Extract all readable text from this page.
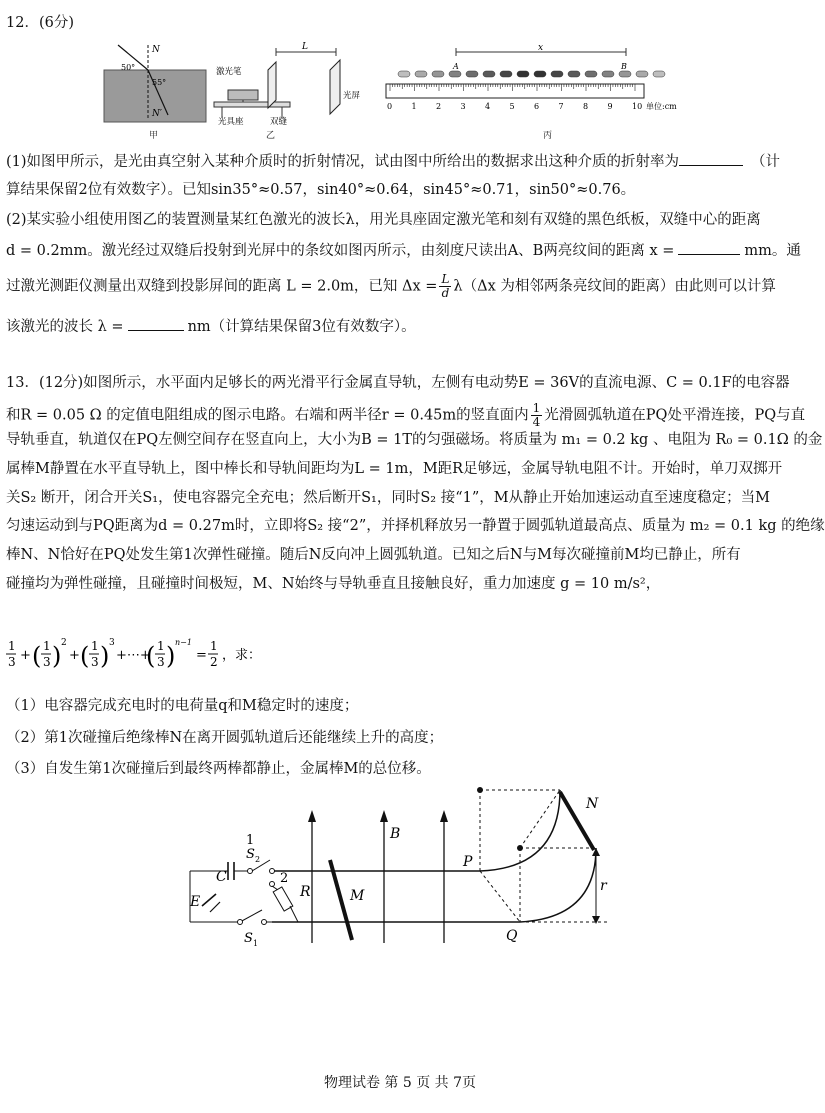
12．(6分)
N
N′
50°
55°
甲
L
激光笔
光具座	双缝
光屏
乙
x
A	B
0 1 2 3 4 5 6 7 8 9 10 单位:cm
丙
(1)如图甲所示，是光由真空射入某种介质时的折射情况，试由图中所给出的数据求出这种介质的折射率为	（计
算结果保留2位有效数字）。已知sin35°≈0.57，sin40°≈0.64，sin45°≈0.71，sin50°≈0.76。
(2)某实验小组使用图乙的装置测量某红色激光的波长λ，用光具座固定激光笔和刻有双缝的黑色纸板，双缝中心的距离
d = 0.2mm。激光经过双缝后投射到光屏中的条纹如图丙所示，由刻度尺读出A、B两亮纹间的距离 x =	mm。通
过激光测距仪测量出双缝到投影屏间的距离 L = 2.0m，已知 $\Delta x = \frac{L}{d} \lambda(\Delta x$ 为相邻两条亮纹间的距离）由此则可以计算
该激光的波长 λ =	nm（计算结果保留3位有效数字）。
13．(12分)如图所示，水平面内足够长的两光滑平行金属直导轨，左侧有电动势E = 36V的直流电源、C = 0.1F的电容器
和R = 0.05 Ω 的定值电阻组成的图示电路。右端和两半径r = 0.45m的竖直面内 $\frac{1}{4}$ 光滑圆弧轨道在PQ处平滑连接，PQ与直
导轨垂直，轨道仅在PQ左侧空间存在竖直向上，大小为B = 1T的匀强磁场。将质量为 m₁ = 0.2 kg 、电阻为 R₀ = 0.1Ω 的金
属棒M静置在水平直导轨上，图中棒长和导轨间距均为L = 1m，M距R足够远，金属导轨电阻不计。开始时，单刀双掷开
关S₂ 断开，闭合开关S₁，使电容器完全充电；然后断开S₁，同时S₂ 接“1”，M从静止开始加速运动直至速度稳定；当M
匀速运动到与PQ距离为d = 0.27m时，立即将S₂ 接“2”，并择机释放另一静置于圆弧轨道最高点、质量为 m₂ = 0.1 kg 的绝缘
棒N、N恰好在PQ处发生第1次弹性碰撞。随后N反向冲上圆弧轨道。已知之后N与M每次碰撞前M均已静止，所有
碰撞均为弹性碰撞，且碰撞时间极短，M、N始终与导轨垂直且接触良好，重力加速度 g = 10 m/s²，
1
3 + ( 1
3 ) 2
+ ( 1
3 ) 3
+⋯+
( 1
3 ) n−1
=
1
2 ，求：
（1）电容器完成充电时的电荷量q和M稳定时的速度；
（2）第1次碰撞后绝缘棒N在离开圆弧轨道后还能继续上升的高度；
（3）自发生第1次碰撞后到最终两棒都静止，金属棒M的总位移。
S 2
1
2
C
E
R
S 1
B
M
P
Q
N
r
物理试卷 第 5 页 共 7页
